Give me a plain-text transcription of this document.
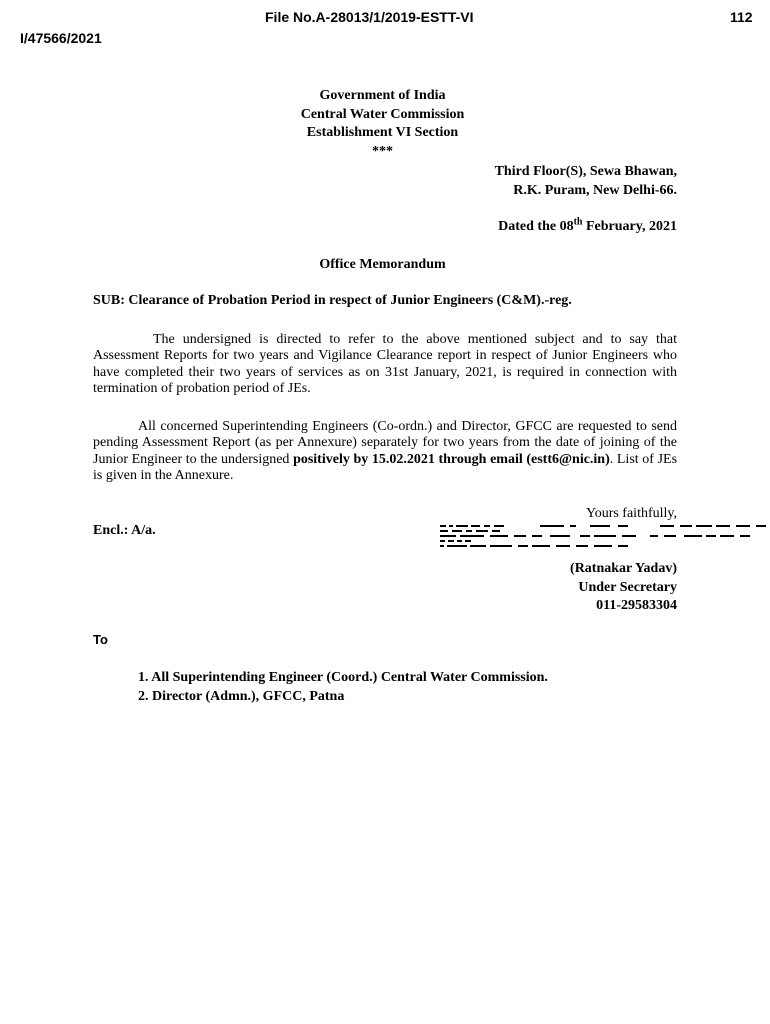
File No.A-28013/1/2019-ESTT-VI	112
I/47566/2021
Government of India
Central Water Commission
Establishment VI Section
***
Third Floor(S), Sewa Bhawan,
R.K. Puram, New Delhi-66.
Dated the 08th February, 2021
Office Memorandum
SUB: Clearance of Probation Period in respect of Junior Engineers (C&M).-reg.
The undersigned is directed to refer to the above mentioned subject and to say that Assessment Reports for two years and Vigilance Clearance report in respect of Junior Engineers who have completed their two years of services as on 31st January, 2021, is required in connection with termination of probation period of JEs.
All concerned Superintending Engineers (Co-ordn.) and Director, GFCC are requested to send pending Assessment Report (as per Annexure) separately for two years from the date of joining of the Junior Engineer to the undersigned positively by 15.02.2021 through email (estt6@nic.in). List of JEs is given in the Annexure.
Yours faithfully,
Encl.: A/a.
(Ratnakar Yadav)
Under Secretary
011-29583304
To
1. All Superintending Engineer (Coord.) Central Water Commission.
2. Director (Admn.), GFCC, Patna
